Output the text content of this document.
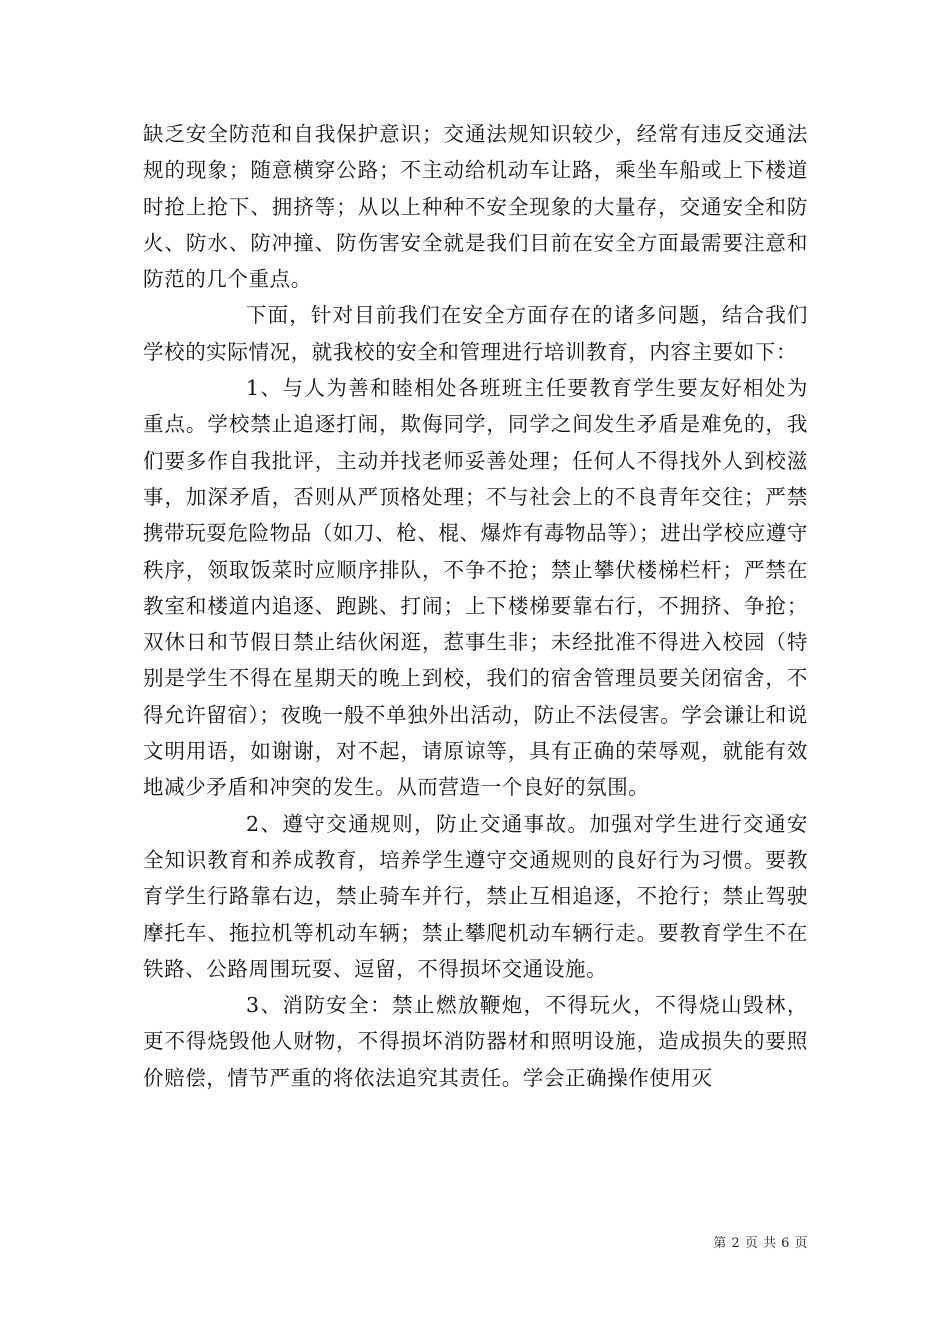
缺乏安全防范和自我保护意识；交通法规知识较少，经常有违反交通法规的现象；随意横穿公路；不主动给机动车让路，乘坐车船或上下楼道时抢上抢下、拥挤等；从以上种种不安全现象的大量存，交通安全和防火、防水、防冲撞、防伤害安全就是我们目前在安全方面最需要注意和防范的几个重点。

下面，针对目前我们在安全方面存在的诸多问题，结合我们学校的实际情况，就我校的安全和管理进行培训教育，内容主要如下：

1、与人为善和睦相处各班班主任要教育学生要友好相处为重点。学校禁止追逐打闹，欺侮同学，同学之间发生矛盾是难免的，我们要多作自我批评，主动并找老师妥善处理；任何人不得找外人到校滋事，加深矛盾，否则从严顶格处理；不与社会上的不良青年交往；严禁携带玩耍危险物品（如刀、枪、棍、爆炸有毒物品等）；进出学校应遵守秩序，领取饭菜时应顺序排队，不争不抢；禁止攀伏楼梯栏杆；严禁在教室和楼道内追逐、跑跳、打闹；上下楼梯要靠右行，不拥挤、争抢；双休日和节假日禁止结伙闲逛，惹事生非；未经批准不得进入校园（特别是学生不得在星期天的晚上到校，我们的宿舍管理员要关闭宿舍，不得允许留宿）；夜晚一般不单独外出活动，防止不法侵害。学会谦让和说文明用语，如谢谢，对不起，请原谅等，具有正确的荣辱观，就能有效地减少矛盾和冲突的发生。从而营造一个良好的氛围。

2、遵守交通规则，防止交通事故。加强对学生进行交通安全知识教育和养成教育，培养学生遵守交通规则的良好行为习惯。要教育学生行路靠右边，禁止骑车并行，禁止互相追逐，不抢行；禁止驾驶摩托车、拖拉机等机动车辆；禁止攀爬机动车辆行走。要教育学生不在铁路、公路周围玩耍、逗留，不得损坏交通设施。

3、消防安全：禁止燃放鞭炮，不得玩火，不得烧山毁林，更不得烧毁他人财物，不得损坏消防器材和照明设施，造成损失的要照价赔偿，情节严重的将依法追究其责任。学会正确操作使用灭

第 2 页 共 6 页
